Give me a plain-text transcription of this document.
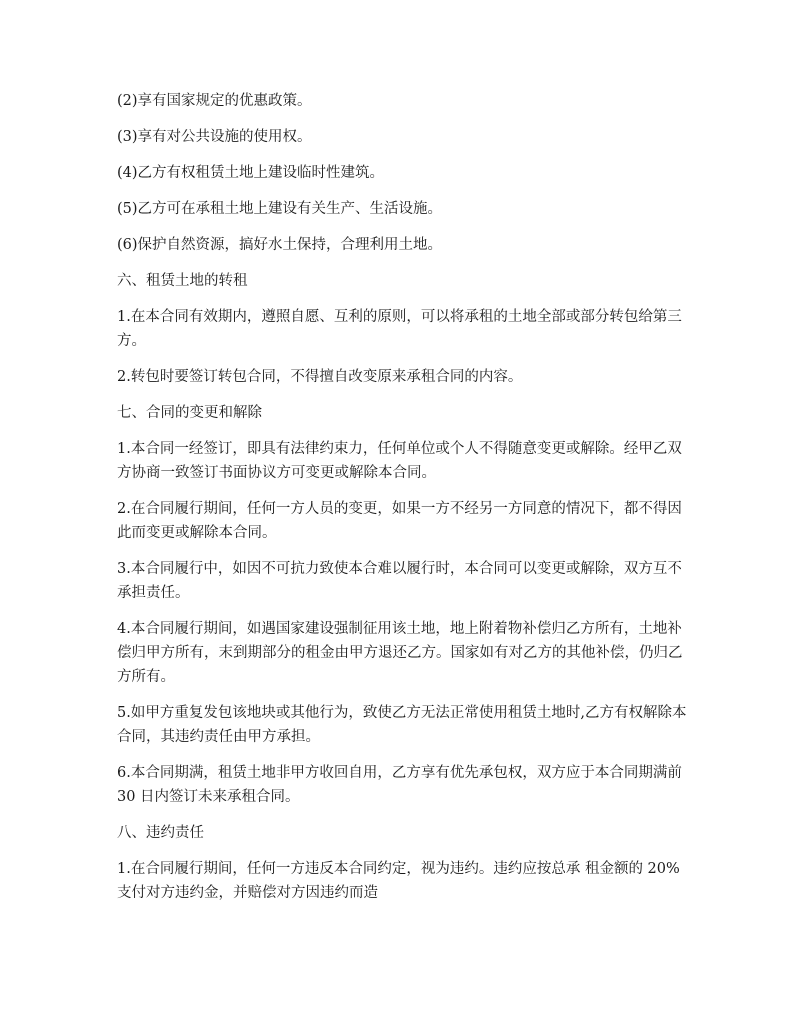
(2)享有国家规定的优惠政策。

(3)享有对公共设施的使用权。

(4)乙方有权租赁土地上建设临时性建筑。

(5)乙方可在承租土地上建设有关生产、生活设施。

(6)保护自然资源，搞好水土保持，合理利用土地。

六、租赁土地的转租

1.在本合同有效期内，遵照自愿、互利的原则，可以将承租的土地全部或部分转包给第三方。

2.转包时要签订转包合同，不得擅自改变原来承租合同的内容。

七、合同的变更和解除

1.本合同一经签订，即具有法律约束力，任何单位或个人不得随意变更或解除。经甲乙双方协商一致签订书面协议方可变更或解除本合同。

2.在合同履行期间，任何一方人员的变更，如果一方不经另一方同意的情况下，都不得因此而变更或解除本合同。

3.本合同履行中，如因不可抗力致使本合难以履行时，本合同可以变更或解除，双方互不承担责任。

4.本合同履行期间，如遇国家建设强制征用该土地，地上附着物补偿归乙方所有，土地补偿归甲方所有，末到期部分的租金由甲方退还乙方。国家如有对乙方的其他补偿，仍归乙方所有。

5.如甲方重复发包该地块或其他行为，致使乙方无法正常使用租赁土地时,乙方有权解除本合同，其违约责任由甲方承担。

6.本合同期满，租赁土地非甲方收回自用，乙方享有优先承包权，双方应于本合同期满前 30 日内签订未来承租合同。

八、违约责任

1.在合同履行期间，任何一方违反本合同约定，视为违约。违约应按总承 租金额的 20%支付对方违约金，并赔偿对方因违约而造
